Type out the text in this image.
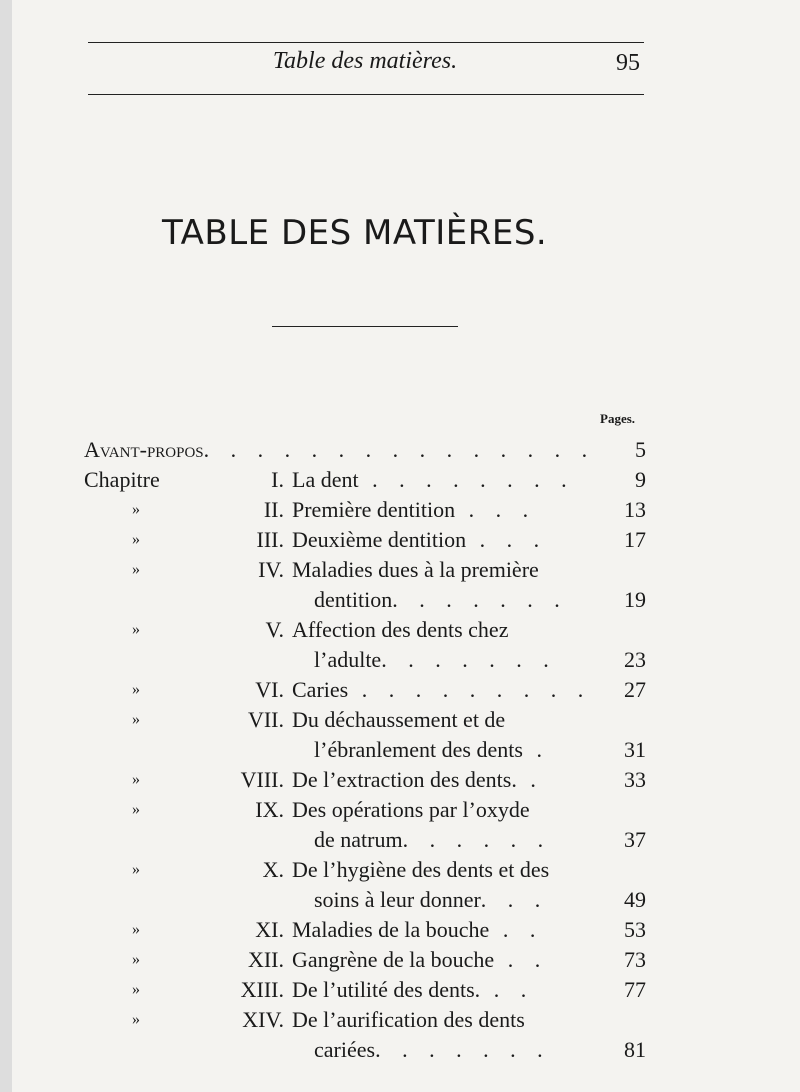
Table des matières.	95
TABLE DES MATIÈRES.
Pages.
Avant-propos. . . . . . . . . . . . . . . 5
Chapitre	I. La dent . . . . . . . .	9
»	II. Première dentition . . .	13
»	III. Deuxième dentition . . .	17
»	IV. Maladies dues à la première
dentition. . . . . . .	19
»	V. Affection des dents chez
l’adulte. . . . . . .	23
»	VI. Caries . . . . . . . . .	27
»	VII. Du déchaussement et de
l’ébranlement des dents .	31
»	VIII. De l’extraction des dents. .	33
»	IX. Des opérations par l’oxyde
de natrum. . . . . .	37
»	X. De l’hygiène des dents et des
soins à leur donner. . .	49
»	XI. Maladies de la bouche . .	53
»	XII. Gangrène de la bouche . .	73
»	XIII. De l’utilité des dents. . .	77
»	XIV. De l’aurification des dents
cariées. . . . . . .	81
